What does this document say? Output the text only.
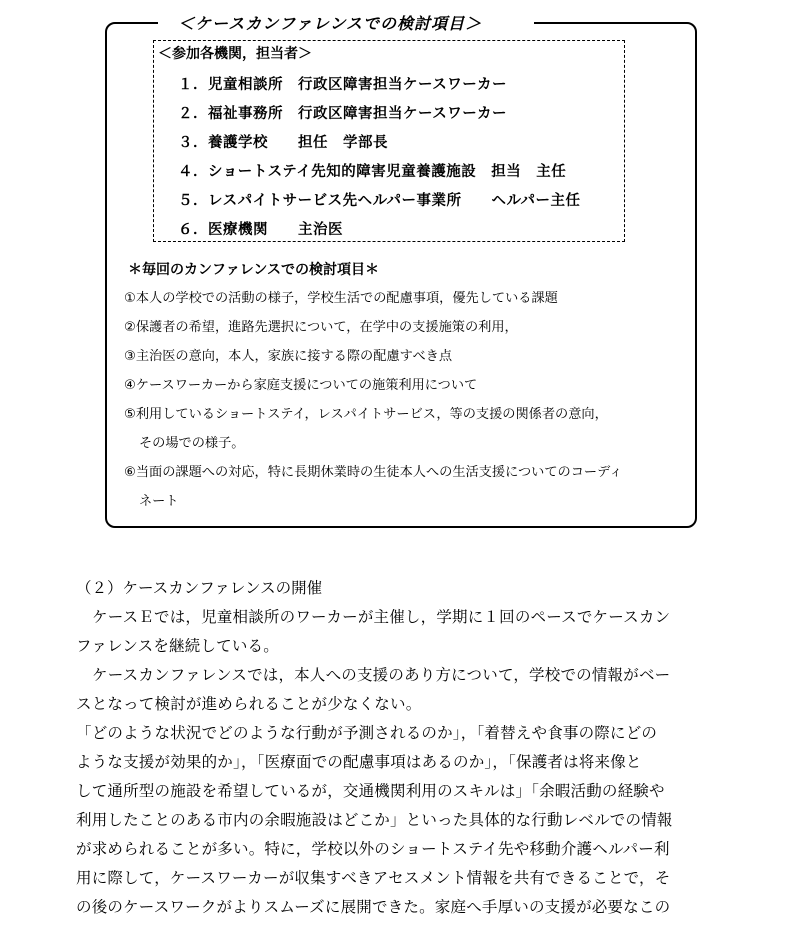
＜ケースカンファレンスでの検討項目＞
＜参加各機関，担当者＞
１．児童相談所　行政区障害担当ケースワーカー
２．福祉事務所　行政区障害担当ケースワーカー
３．養護学校　　担任　学部長
４．ショートステイ先知的障害児童養護施設　担当　主任
５．レスパイトサービス先ヘルパー事業所　　ヘルパー主任
６．医療機関　　主治医
＊毎回のカンファレンスでの検討項目＊
①本人の学校での活動の様子，学校生活での配慮事項，優先している課題
②保護者の希望，進路先選択について，在学中の支援施策の利用，
③主治医の意向，本人，家族に接する際の配慮すべき点
④ケースワーカーから家庭支援についての施策利用について
⑤利用しているショートステイ，レスパイトサービス，等の支援の関係者の意向，
その場での様子。
⑥当面の課題への対応，特に長期休業時の生徒本人への生活支援についてのコーディ
ネート
（２）ケースカンファレンスの開催
ケースＥでは，児童相談所のワーカーが主催し，学期に１回のペースでケースカン
ファレンスを継続している。
ケースカンファレンスでは，本人への支援のあり方について，学校での情報がベー
スとなって検討が進められることが少なくない。
「どのような状況でどのような行動が予測されるのか」，「着替えや食事の際にどの
ような支援が効果的か」，「医療面での配慮事項はあるのか」，「保護者は将来像と
して通所型の施設を希望しているが，交通機関利用のスキルは」「余暇活動の経験や
利用したことのある市内の余暇施設はどこか」といった具体的な行動レベルでの情報
が求められることが多い。特に，学校以外のショートステイ先や移動介護ヘルパー利
用に際して，ケースワーカーが収集すべきアセスメント情報を共有できることで，そ
の後のケースワークがよりスムーズに展開できた。家庭へ手厚いの支援が必要なこの
